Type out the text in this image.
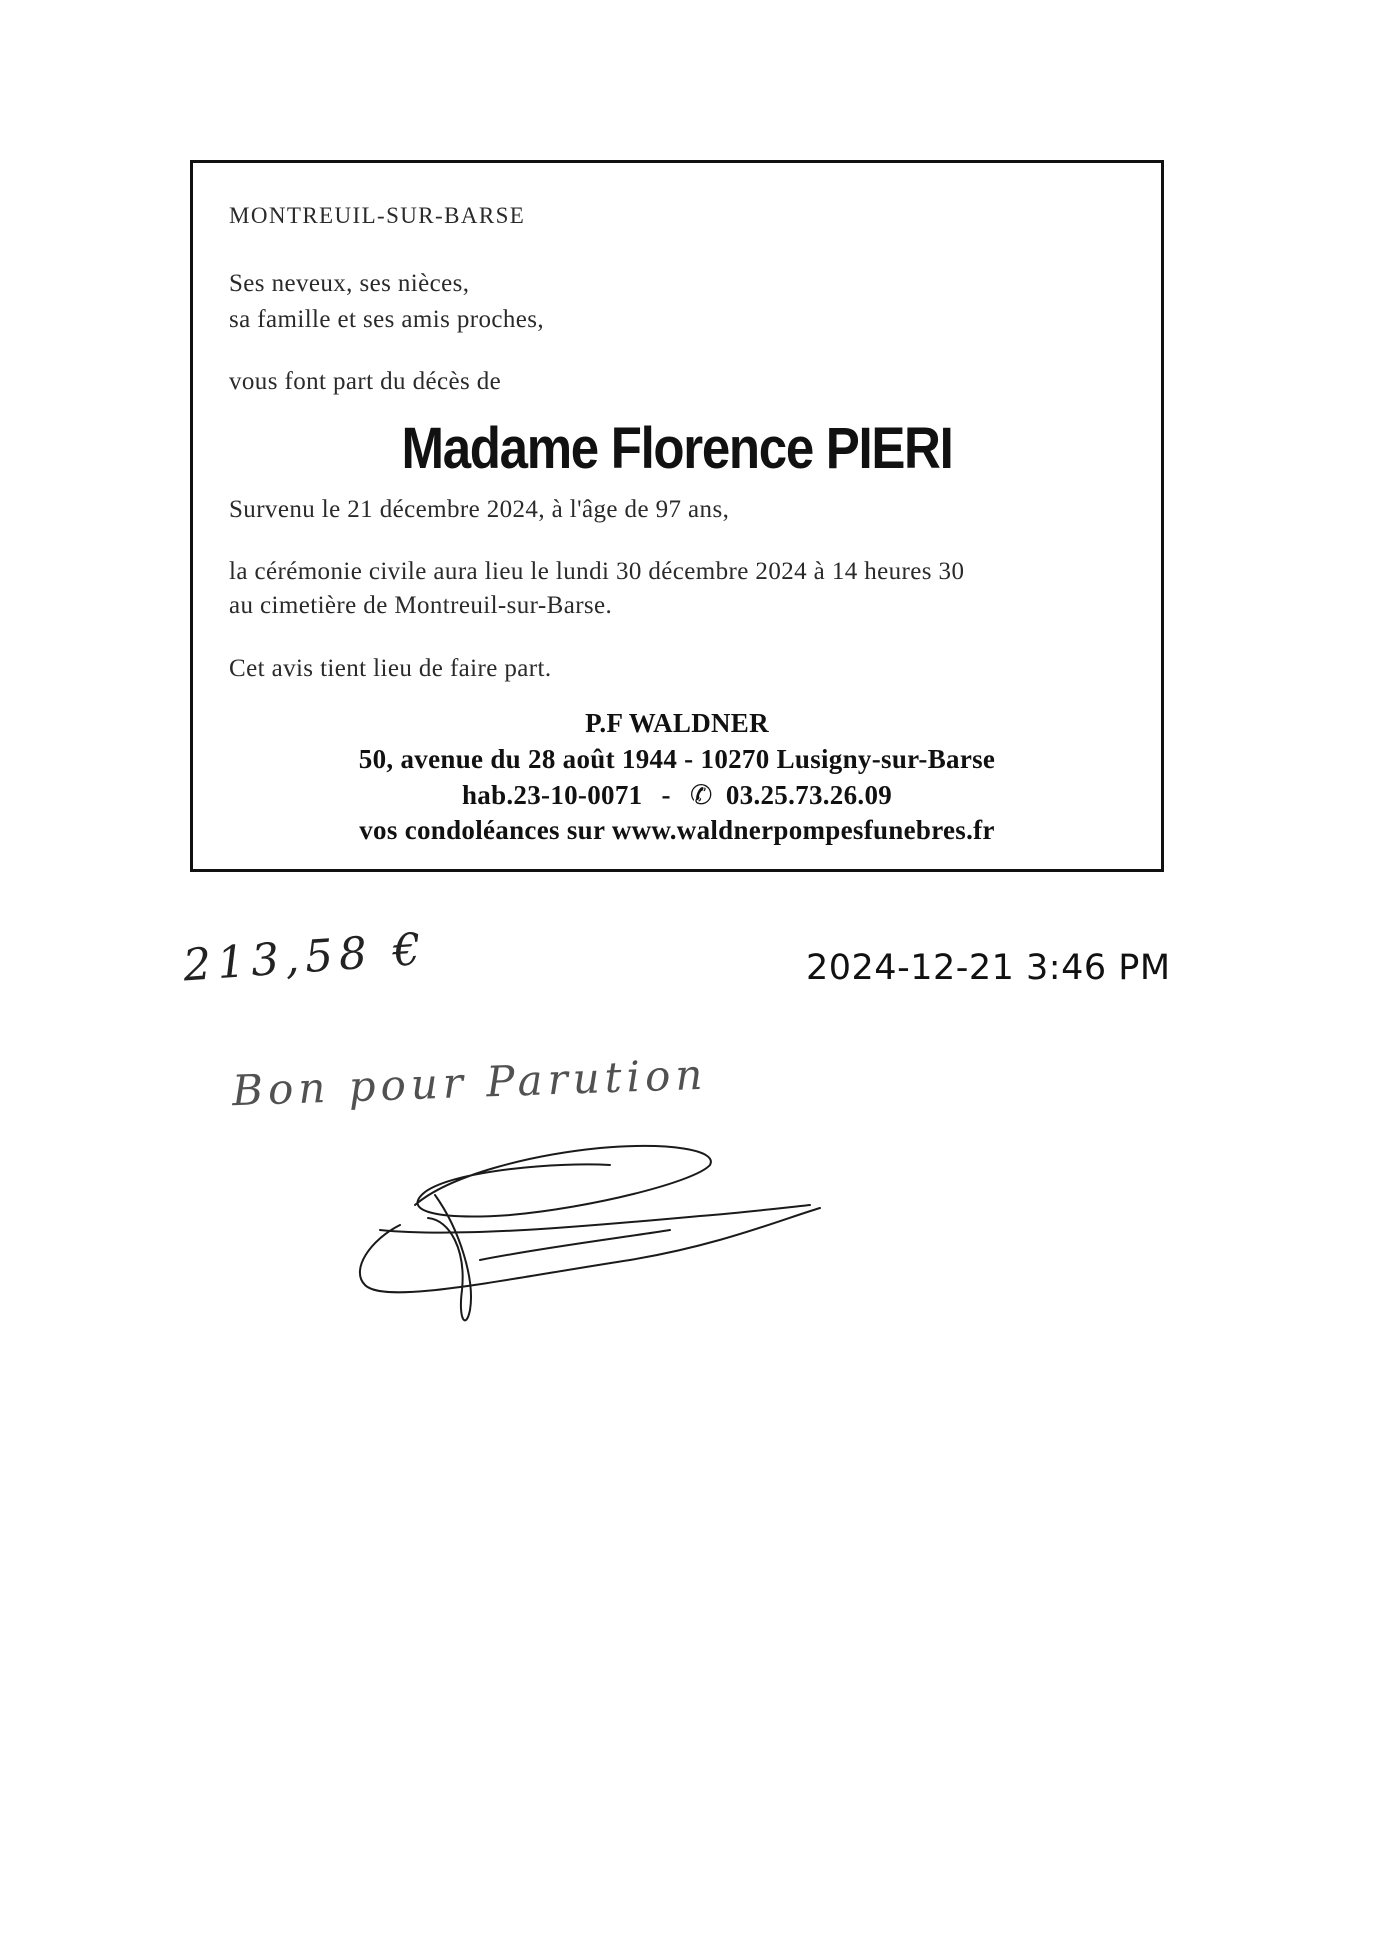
MONTREUIL-SUR-BARSE

Ses neveux, ses nièces,

sa famille et ses amis proches,

vous font part du décès de

Madame Florence PIERI

Survenu le 21 décembre 2024, à l'âge de 97 ans,

la cérémonie civile aura lieu le lundi 30 décembre 2024 à 14 heures 30

au cimetière de Montreuil-sur-Barse.

Cet avis tient lieu de faire part.

P.F WALDNER

50, avenue du 28 août 1944 - 10270 Lusigny-sur-Barse

hab.23-10-0071 - ✆ 03.25.73.26.09

vos condoléances sur www.waldnerpompesfunebres.fr

213,58 €	2024-12-21 3:46 PM

Bon pour Parution
